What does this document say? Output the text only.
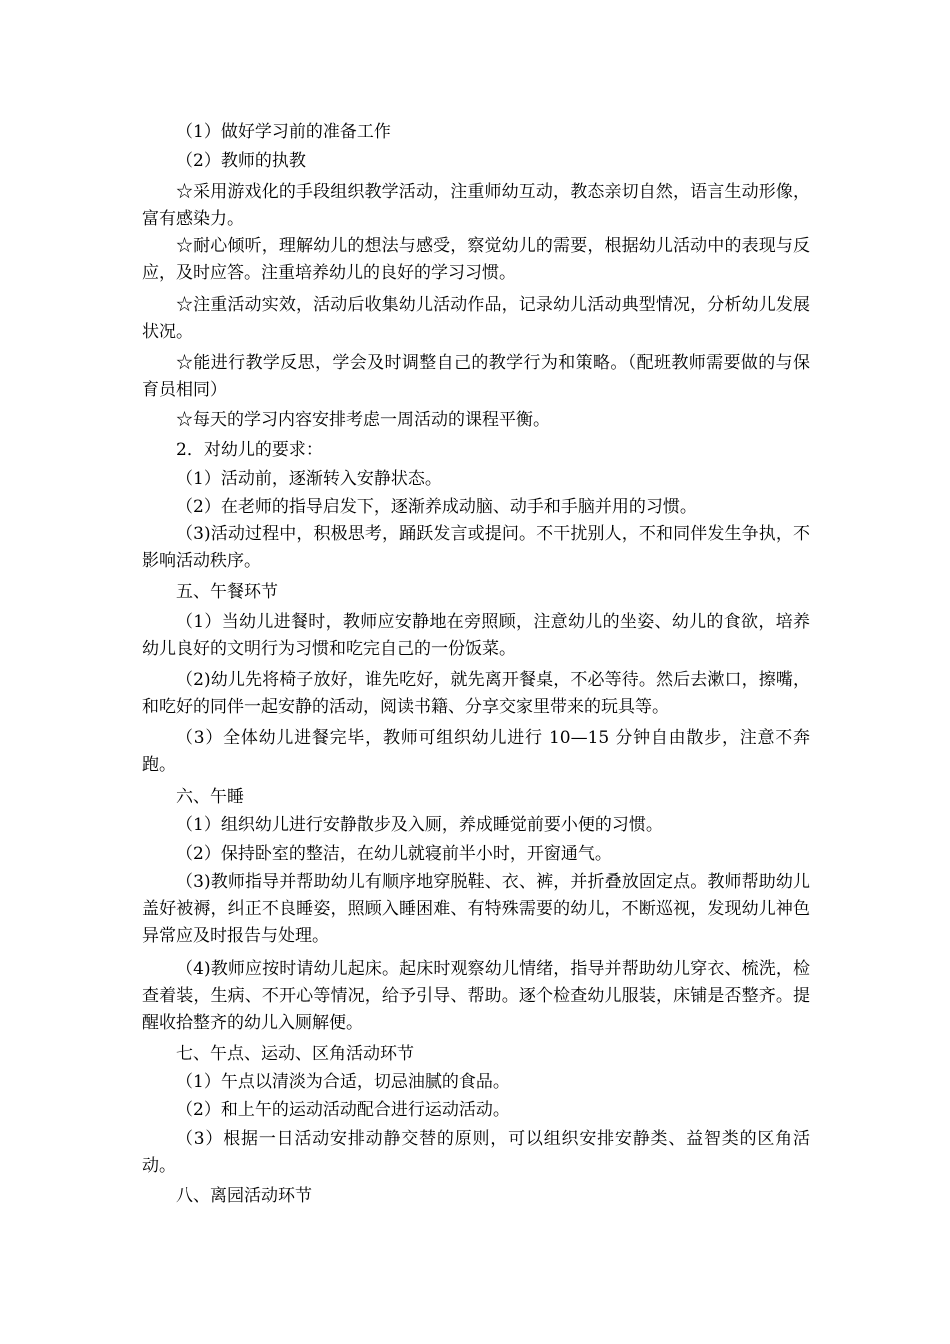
（1）做好学习前的准备工作

（2）教师的执教

☆采用游戏化的手段组织教学活动，注重师幼互动，教态亲切自然，语言生动形像，富有感染力。

☆耐心倾听，理解幼儿的想法与感受，察觉幼儿的需要，根据幼儿活动中的表现与反应，及时应答。注重培养幼儿的良好的学习习惯。

☆注重活动实效，活动后收集幼儿活动作品，记录幼儿活动典型情况，分析幼儿发展状况。

☆能进行教学反思，学会及时调整自己的教学行为和策略。（配班教师需要做的与保育员相同）

☆每天的学习内容安排考虑一周活动的课程平衡。

2．对幼儿的要求：

（1）活动前，逐渐转入安静状态。

（2）在老师的指导启发下，逐渐养成动脑、动手和手脑并用的习惯。

（3)活动过程中，积极思考，踊跃发言或提问。不干扰别人，不和同伴发生争执，不影响活动秩序。

五、午餐环节

（1）当幼儿进餐时，教师应安静地在旁照顾，注意幼儿的坐姿、幼儿的食欲，培养幼儿良好的文明行为习惯和吃完自己的一份饭菜。

（2)幼儿先将椅子放好，谁先吃好，就先离开餐桌，不必等待。然后去漱口，擦嘴，和吃好的同伴一起安静的活动，阅读书籍、分享交家里带来的玩具等。

（3）全体幼儿进餐完毕，教师可组织幼儿进行 10—15 分钟自由散步，注意不奔跑。

六、午睡

（1）组织幼儿进行安静散步及入厕，养成睡觉前要小便的习惯。

（2）保持卧室的整洁，在幼儿就寝前半小时，开窗通气。

（3)教师指导并帮助幼儿有顺序地穿脱鞋、衣、裤，并折叠放固定点。教师帮助幼儿盖好被褥，纠正不良睡姿，照顾入睡困难、有特殊需要的幼儿，不断巡视，发现幼儿神色异常应及时报告与处理。

（4)教师应按时请幼儿起床。起床时观察幼儿情绪，指导并帮助幼儿穿衣、梳洗，检查着装，生病、不开心等情况，给予引导、帮助。逐个检查幼儿服装，床铺是否整齐。提醒收拾整齐的幼儿入厕解便。

七、午点、运动、区角活动环节

（1）午点以清淡为合适，切忌油腻的食品。

（2）和上午的运动活动配合进行运动活动。

（3）根据一日活动安排动静交替的原则，可以组织安排安静类、益智类的区角活动。

八、离园活动环节
